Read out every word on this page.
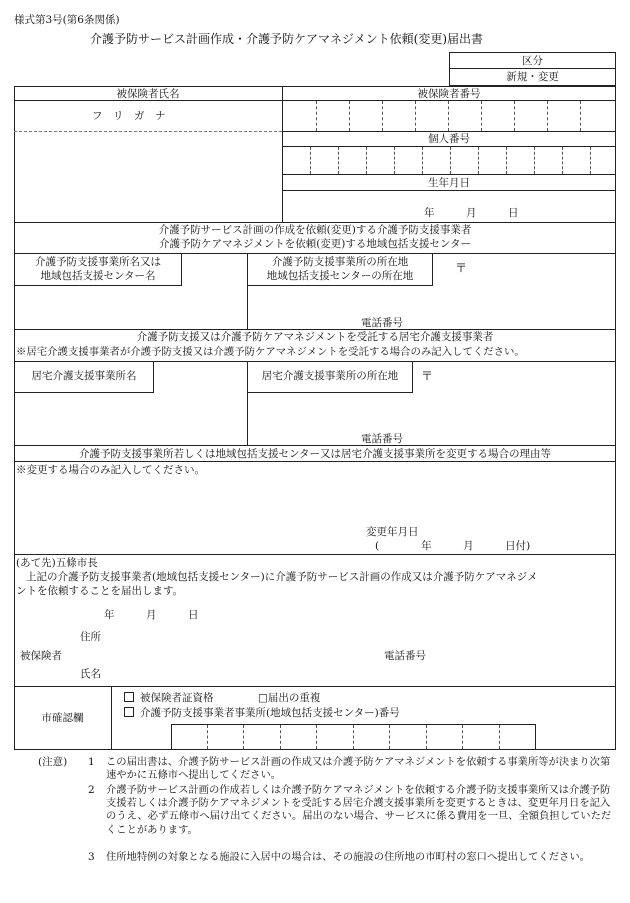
様式第3号(第6条関係)
介護予防サービス計画作成・介護予防ケアマネジメント依頼(変更)届出書
区分
新規・変更
被保険者氏名	被保険者番号
フ　リ　ガ　ナ
個人番号
生年月日
年　　　月　　　日
介護予防サービス計画の作成を依頼(変更)する介護予防支援事業者
介護予防ケアマネジメントを依頼(変更)する地域包括支援センター
介護予防支援事業所名又は
地域包括支援センター名
介護予防支援事業所の所在地
地域包括支援センターの所在地
〒
電話番号
介護予防支援又は介護予防ケアマネジメントを受託する居宅介護支援事業者
※居宅介護支援事業者が介護予防支援又は介護予防ケアマネジメントを受託する場合のみ記入してください。
居宅介護支援事業所名	居宅介護支援事業所の所在地	〒
電話番号
介護予防支援事業所若しくは地域包括支援センター又は居宅介護支援事業所を変更する場合の理由等
※変更する場合のみ記入してください。
変更年月日
(　　　　年　　　月　　　日付)
(あて先)五條市長
上記の介護予防支援事業者(地域包括支援センター)に介護予防サービス計画の作成又は介護予防ケアマネジメ
ントを依頼することを届出します。
年　　　月　　　日
住所
被保険者	電話番号
氏名
市確認欄
被保険者証資格	□届出の重複
介護予防支援事業者事業所(地域包括支援センター)番号
(注意) 1 この届出書は、介護予防サービス計画の作成又は介護予防ケアマネジメントを依頼する事業所等が決まり次第速やかに五條市へ提出してください。
2 介護予防サービス計画の作成若しくは介護予防ケアマネジメントを依頼する介護予防支援事業所又は介護予防支援若しくは介護予防ケアマネジメントを受託する居宅介護支援事業所を変更するときは、変更年月日を記入のうえ、必ず五條市へ届け出てください。届出のない場合、サービスに係る費用を一旦、全額負担していただくことがあります。
3 住所地特例の対象となる施設に入居中の場合は、その施設の住所地の市町村の窓口へ提出してください。
